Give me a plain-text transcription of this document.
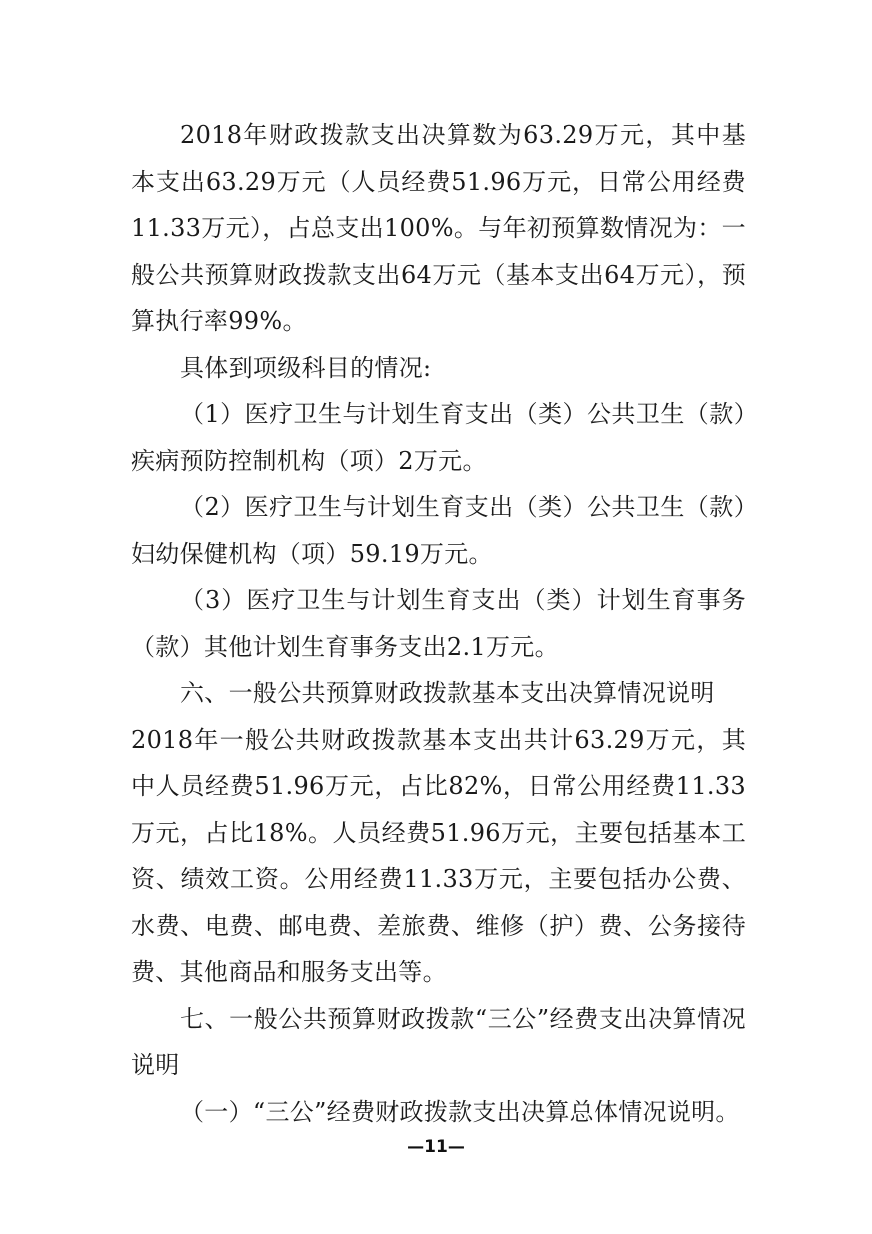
2018年财政拨款支出决算数为63.29万元，其中基本支出63.29万元（人员经费51.96万元，日常公用经费11.33万元），占总支出100%。与年初预算数情况为：一般公共预算财政拨款支出64万元（基本支出64万元），预算执行率99%。

具体到项级科目的情况:

（1）医疗卫生与计划生育支出（类）公共卫生（款）疾病预防控制机构（项）2万元。

（2）医疗卫生与计划生育支出（类）公共卫生（款）妇幼保健机构（项）59.19万元。

（3）医疗卫生与计划生育支出（类）计划生育事务（款）其他计划生育事务支出2.1万元。

六、一般公共预算财政拨款基本支出决算情况说明

2018年一般公共财政拨款基本支出共计63.29万元，其中人员经费51.96万元，占比82%，日常公用经费11.33万元，占比18%。人员经费51.96万元，主要包括基本工资、绩效工资。公用经费11.33万元，主要包括办公费、水费、电费、邮电费、差旅费、维修（护）费、公务接待费、其他商品和服务支出等。

七、一般公共预算财政拨款“三公”经费支出决算情况说明

（一）“三公”经费财政拨款支出决算总体情况说明。

—11—
